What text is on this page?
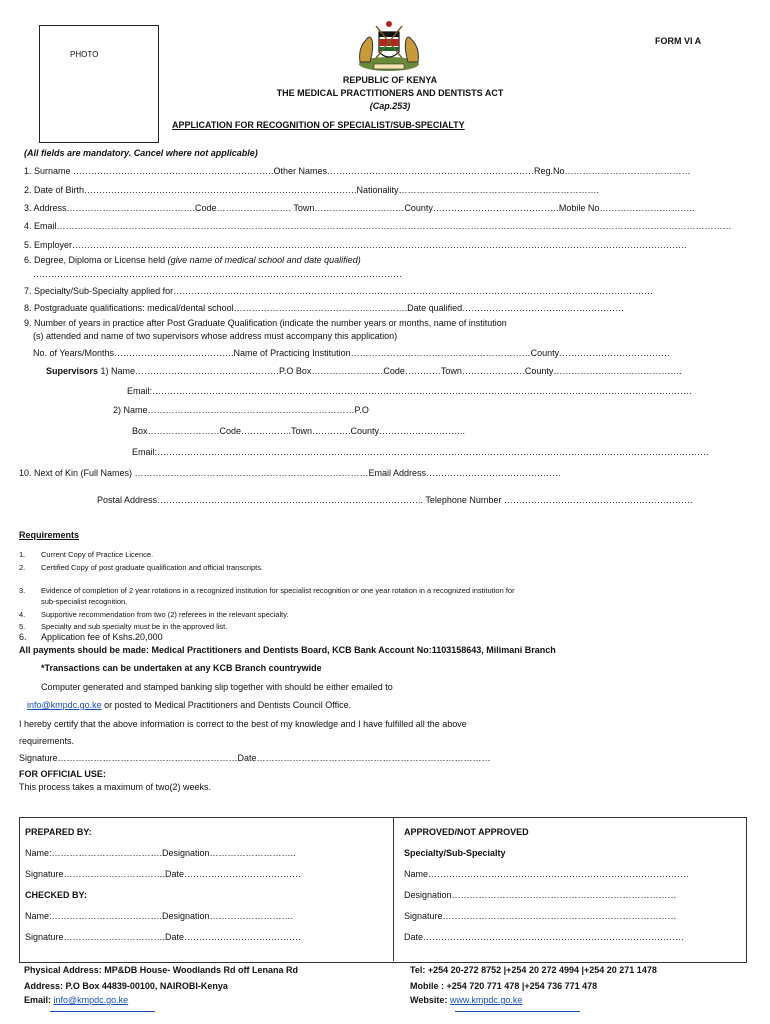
PHOTO
FORM VI A
REPUBLIC OF KENYA
THE MEDICAL PRACTITIONERS AND DENTISTS ACT
(Cap.253)
APPLICATION FOR RECOGNITION OF SPECIALIST/SUB-SPECIALTY
(All fields are mandatory. Cancel where not applicable)
1. Surname ………………………………………………………….Other Names……………………………………………………………Reg.No……………………………………
2. Date of Birth……………………………………………………………………………….Nationality………………………………………………………….
3. Address…………………………………….Code……………………. Town…………………………County……………………………………Mobile No…………………………..
4. Email………………………………………………………………………………………………………………………………………………………………………………………………………
5. Employer…………………………………………………………………………………………………………………………………………………………………………………….
6. Degree, Diploma or License held (give name of medical school and date qualified)
……………………………………………………………………………………………………………
7. Specialty/Sub-Specialty applied for…………………………………………………………………………………………………………………………………………….
8. Postgraduate qualifications: medical/dental school………………………………………………….Date qualified………………………………………………
9. Number of years in practice after Post Graduate Qualification (indicate the number years or months, name of institution
(s) attended and name of two supervisors whose address must accompany this application)
No. of Years/Months………………………………….Name of Practicing Institution……………………………………………………County……………………………….
Supervisors 1) Name…………………………………………P.O Box……………………Code…………Town…………………County…………………………………….
Email:………………………………………………………………………………………………………………………………………………………………
2) Name……………………………………………………………P.O
Box……………………Code……………..Town………….County………………………..
Email:………………………………………………………………………………………………………………………………………………………………….
10. Next of Kin (Full Names) ……………………………………………………………………Email Address………………………………………
Postal Address…………………………………………………………………………….. Telephone Number ………………………………………………………
Requirements
1. Current Copy of Practice Licence.
2. Certified Copy of post graduate qualification and official transcripts.
3. Evidence of completion of 2 year rotations in a recognized institution for specialist recognition or one year rotation in a recognized institution for
sub-specialist recognition.
4. Supportive recommendation from two (2) referees in the relevant specialty.
5. Specialty and sub specialty must be in the approved list.
6. Application fee of Kshs.20,000
All payments should be made: Medical Practitioners and Dentists Board, KCB Bank Account No:1103158643, Milimani Branch
*Transactions can be undertaken at any KCB Branch countrywide
Computer generated and stamped banking slip together with should be either emailed to
info@kmpdc.go.ke or posted to Medical Practitioners and Dentists Council Office.
I hereby certify that the above information is correct to the best of my knowledge and I have fulfilled all the above
requirements.
Signature……………………………………………………Date……………………………………………………………………
FOR OFFICIAL USE:
This process takes a maximum of two(2) weeks.
PREPARED BY:
Name:……………………………….Designation………………………..
Signature…………………………….Date…………………………………
CHECKED BY:
Name:……………………………….Designation……………………….
Signature…………………………….Date…………………………………
APPROVED/NOT APPROVED
Specialty/Sub-Specialty
Name……………………………………………………………………………
Designation…………………………………………………………………
Signature……………………………………………………………………
Date……………………………………………………………………………
Physical Address: MP&DB House- Woodlands Rd off Lenana Rd
Address: P.O Box 44839-00100, NAIROBI-Kenya
Email: info@kmpdc.go.ke
Tel: +254 20-272 8752 |+254 20 272 4994 |+254 20 271 1478
Mobile : +254 720 771 478 |+254 736 771 478
Website: www.kmpdc.go.ke
